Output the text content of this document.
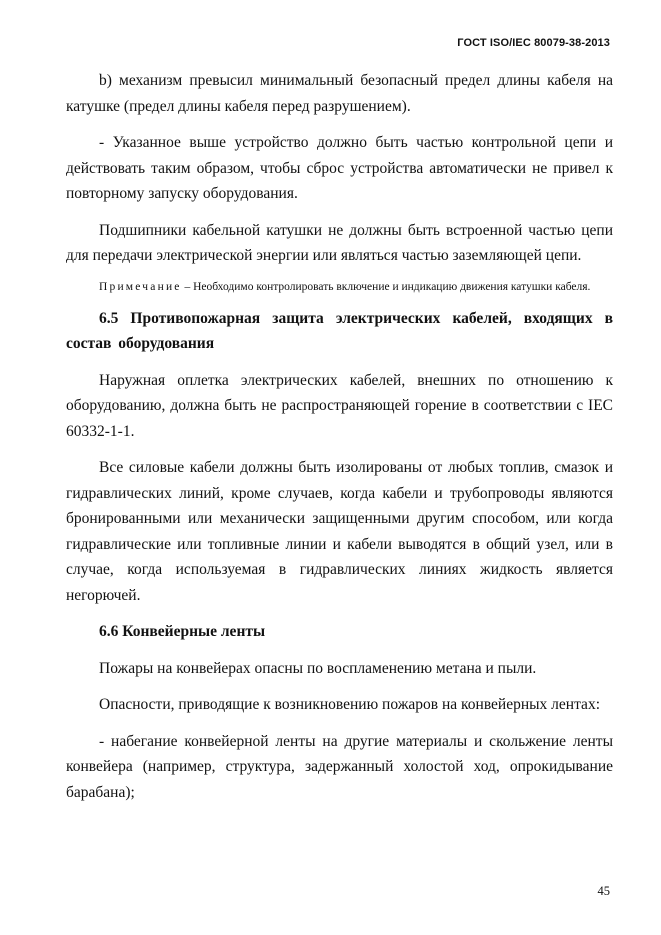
ГОСТ ISO/IEC 80079-38-2013

b) механизм превысил минимальный безопасный предел длины кабеля на катушке (предел длины кабеля перед разрушением).

- Указанное выше устройство должно быть частью контрольной цепи и действовать таким образом, чтобы сброс устройства автоматически не привел к повторному запуску оборудования.

Подшипники кабельной катушки не должны быть встроенной частью цепи для передачи электрической энергии или являться частью заземляющей цепи.

Примечание – Необходимо контролировать включение и индикацию движения катушки кабеля.

6.5 Противопожарная защита электрических кабелей, входящих в состав оборудования

Наружная оплетка электрических кабелей, внешних по отношению к оборудованию, должна быть не распространяющей горение в соответствии с IEC 60332-1-1.

Все силовые кабели должны быть изолированы от любых топлив, смазок и гидравлических линий, кроме случаев, когда кабели и трубопроводы являются бронированными или механически защищенными другим способом, или когда гидравлические или топливные линии и кабели выводятся в общий узел, или в случае, когда используемая в гидравлических линиях жидкость является негорючей.

6.6 Конвейерные ленты

Пожары на конвейерах опасны по воспламенению метана и пыли.

Опасности, приводящие к возникновению пожаров на конвейерных лентах:

- набегание конвейерной ленты на другие материалы и скольжение ленты конвейера (например, структура, задержанный холостой ход, опрокидывание барабана);

45
